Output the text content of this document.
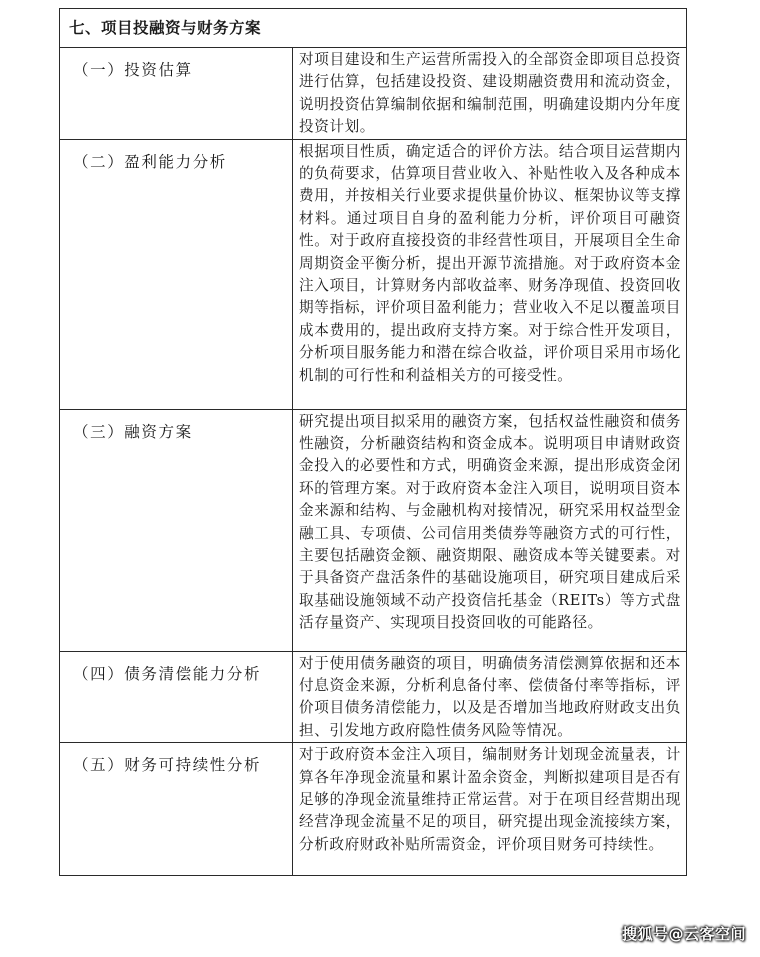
七、项目投融资与财务方案	
（一）投资估算	对项目建设和生产运营所需投入的全部资金即项目总投资进行估算，包括建设投资、建设期融资费用和流动资金，说明投资估算编制依据和编制范围，明确建设期内分年度投资计划。
（二）盈利能力分析	根据项目性质，确定适合的评价方法。结合项目运营期内的负荷要求，估算项目营业收入、补贴性收入及各种成本费用，并按相关行业要求提供量价协议、框架协议等支撑材料。通过项目自身的盈利能力分析，评价项目可融资性。对于政府直接投资的非经营性项目，开展项目全生命周期资金平衡分析，提出开源节流措施。对于政府资本金注入项目，计算财务内部收益率、财务净现值、投资回收期等指标，评价项目盈利能力；营业收入不足以覆盖项目成本费用的，提出政府支持方案。对于综合性开发项目，分析项目服务能力和潜在综合收益，评价项目采用市场化机制的可行性和利益相关方的可接受性。
（三）融资方案	研究提出项目拟采用的融资方案，包括权益性融资和债务性融资，分析融资结构和资金成本。说明项目申请财政资金投入的必要性和方式，明确资金来源，提出形成资金闭环的管理方案。对于政府资本金注入项目，说明项目资本金来源和结构、与金融机构对接情况，研究采用权益型金融工具、专项债、公司信用类债券等融资方式的可行性，主要包括融资金额、融资期限、融资成本等关键要素。对于具备资产盘活条件的基础设施项目，研究项目建成后采取基础设施领域不动产投资信托基金（REITs）等方式盘活存量资产、实现项目投资回收的可能路径。
（四）债务清偿能力分析	对于使用债务融资的项目，明确债务清偿测算依据和还本付息资金来源，分析利息备付率、偿债备付率等指标，评价项目债务清偿能力，以及是否增加当地政府财政支出负担、引发地方政府隐性债务风险等情况。
（五）财务可持续性分析	对于政府资本金注入项目，编制财务计划现金流量表，计算各年净现金流量和累计盈余资金，判断拟建项目是否有足够的净现金流量维持正常运营。对于在项目经营期出现经营净现金流量不足的项目，研究提出现金流接续方案，分析政府财政补贴所需资金，评价项目财务可持续性。
搜狐号@云客空间
